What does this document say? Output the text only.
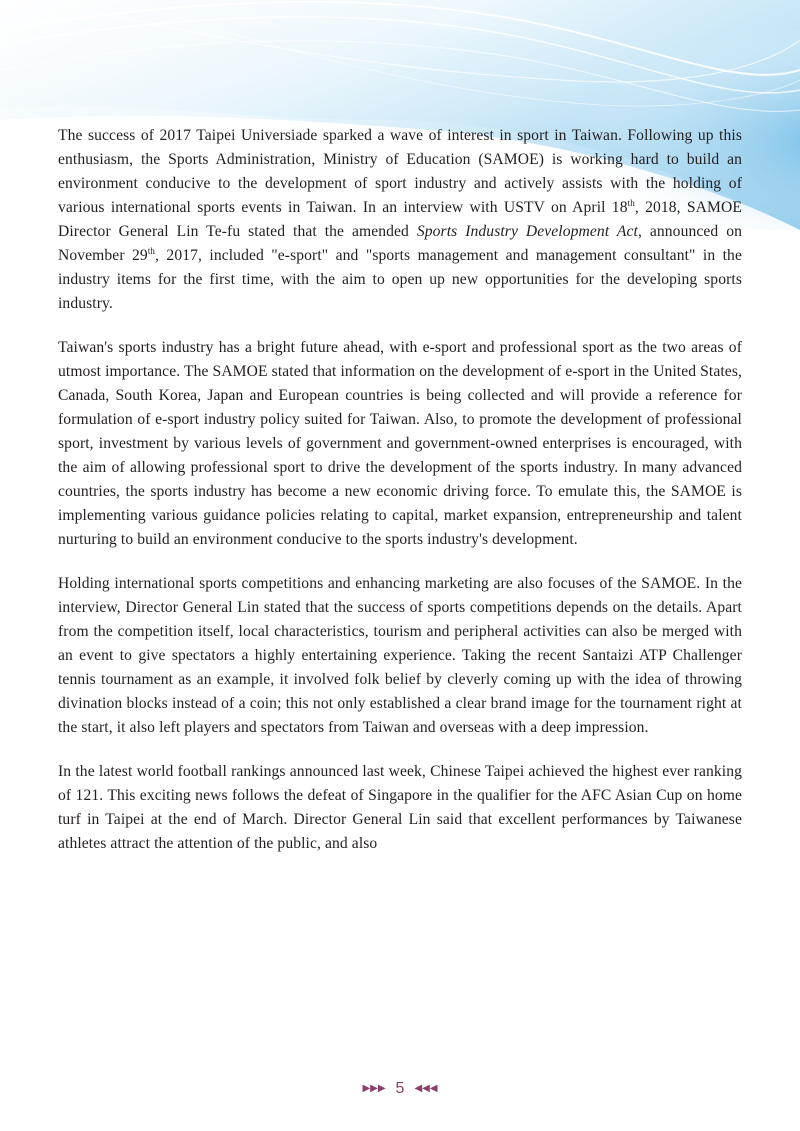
The success of 2017 Taipei Universiade sparked a wave of interest in sport in Taiwan. Following up this enthusiasm, the Sports Administration, Ministry of Education (SAMOE) is working hard to build an environment conducive to the development of sport industry and actively assists with the holding of various international sports events in Taiwan. In an interview with USTV on April 18th, 2018, SAMOE Director General Lin Te-fu stated that the amended Sports Industry Development Act, announced on November 29th, 2017, included "e-sport" and "sports management and management consultant" in the industry items for the first time, with the aim to open up new opportunities for the developing sports industry.

Taiwan's sports industry has a bright future ahead, with e-sport and professional sport as the two areas of utmost importance. The SAMOE stated that information on the development of e-sport in the United States, Canada, South Korea, Japan and European countries is being collected and will provide a reference for formulation of e-sport industry policy suited for Taiwan. Also, to promote the development of professional sport, investment by various levels of government and government-owned enterprises is encouraged, with the aim of allowing professional sport to drive the development of the sports industry. In many advanced countries, the sports industry has become a new economic driving force. To emulate this, the SAMOE is implementing various guidance policies relating to capital, market expansion, entrepreneurship and talent nurturing to build an environment conducive to the sports industry's development.

Holding international sports competitions and enhancing marketing are also focuses of the SAMOE. In the interview, Director General Lin stated that the success of sports competitions depends on the details. Apart from the competition itself, local characteristics, tourism and peripheral activities can also be merged with an event to give spectators a highly entertaining experience. Taking the recent Santaizi ATP Challenger tennis tournament as an example, it involved folk belief by cleverly coming up with the idea of throwing divination blocks instead of a coin; this not only established a clear brand image for the tournament right at the start, it also left players and spectators from Taiwan and overseas with a deep impression.

In the latest world football rankings announced last week, Chinese Taipei achieved the highest ever ranking of 121. This exciting news follows the defeat of Singapore in the qualifier for the AFC Asian Cup on home turf in Taipei at the end of March. Director General Lin said that excellent performances by Taiwanese athletes attract the attention of the public, and also

▶▶▶ 5 ◀◀◀
